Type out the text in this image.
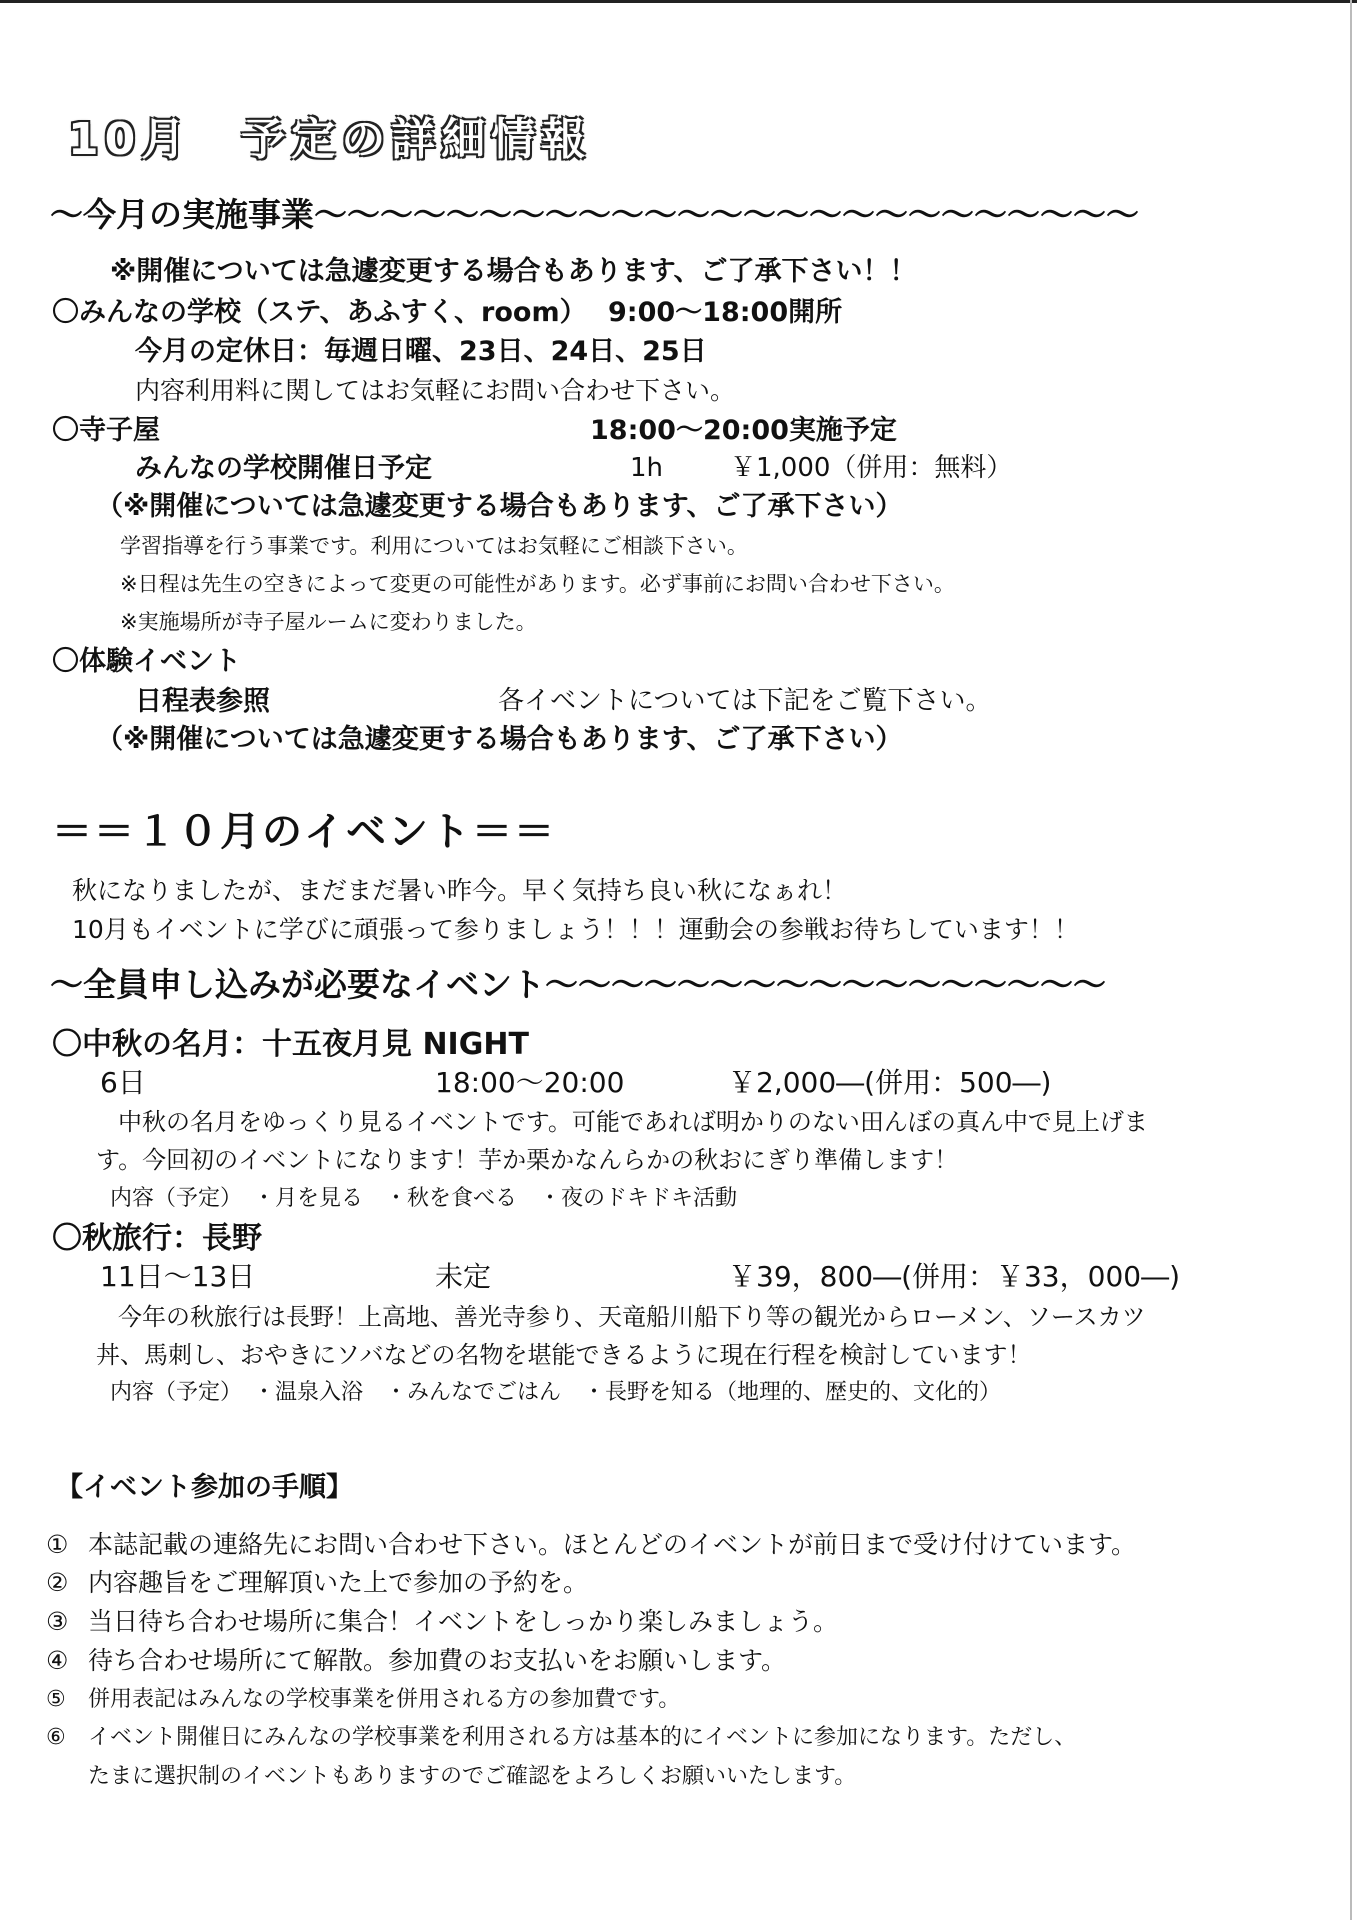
10月　予定の詳細情報
～今月の実施事業～～～～～～～～～～～～～～～～～～～～～～～～～
※開催については急遽変更する場合もあります、ご了承下さい！！
〇みんなの学校（ステ、あふすく、room） 9:00～18:00開所
今月の定休日：毎週日曜、23日、24日、25日
内容利用料に関してはお気軽にお問い合わせ下さい。
〇寺子屋	18:00～20:00実施予定
みんなの学校開催日予定	1h	￥1,000（併用：無料）
（※開催については急遽変更する場合もあります、ご了承下さい）
学習指導を行う事業です。利用についてはお気軽にご相談下さい。
※日程は先生の空きによって変更の可能性があります。必ず事前にお問い合わせ下さい。
※実施場所が寺子屋ルームに変わりました。
〇体験イベント
日程表参照	各イベントについては下記をご覧下さい。
（※開催については急遽変更する場合もあります、ご了承下さい）
＝＝１０月のイベント＝＝
秋になりましたが、まだまだ暑い昨今。早く気持ち良い秋になぁれ！
10月もイベントに学びに頑張って参りましょう！！！運動会の参戦お待ちしています！！
～全員申し込みが必要なイベント～～～～～～～～～～～～～～～～～
〇中秋の名月：十五夜月見 NIGHT
6日	18:00～20:00	￥2,000―(併用：500―)
中秋の名月をゆっくり見るイベントです。可能であれば明かりのない田んぼの真ん中で見上げま
す。今回初のイベントになります！芋か栗かなんらかの秋おにぎり準備します！
内容（予定）　・月を見る　・秋を食べる　・夜のドキドキ活動
〇秋旅行：長野
11日～13日	未定	￥39，800―(併用：￥33，000―)
今年の秋旅行は長野！上高地、善光寺参り、天竜船川船下り等の観光からローメン、ソースカツ
丼、馬刺し、おやきにソバなどの名物を堪能できるように現在行程を検討しています！
内容（予定）　・温泉入浴　・みんなでごはん　・長野を知る（地理的、歴史的、文化的）
【イベント参加の手順】
① 本誌記載の連絡先にお問い合わせ下さい。ほとんどのイベントが前日まで受け付けています。
② 内容趣旨をご理解頂いた上で参加の予約を。
③ 当日待ち合わせ場所に集合！イベントをしっかり楽しみましょう。
④ 待ち合わせ場所にて解散。参加費のお支払いをお願いします。
⑤ 併用表記はみんなの学校事業を併用される方の参加費です。
⑥ イベント開催日にみんなの学校事業を利用される方は基本的にイベントに参加になります。ただし、
たまに選択制のイベントもありますのでご確認をよろしくお願いいたします。
